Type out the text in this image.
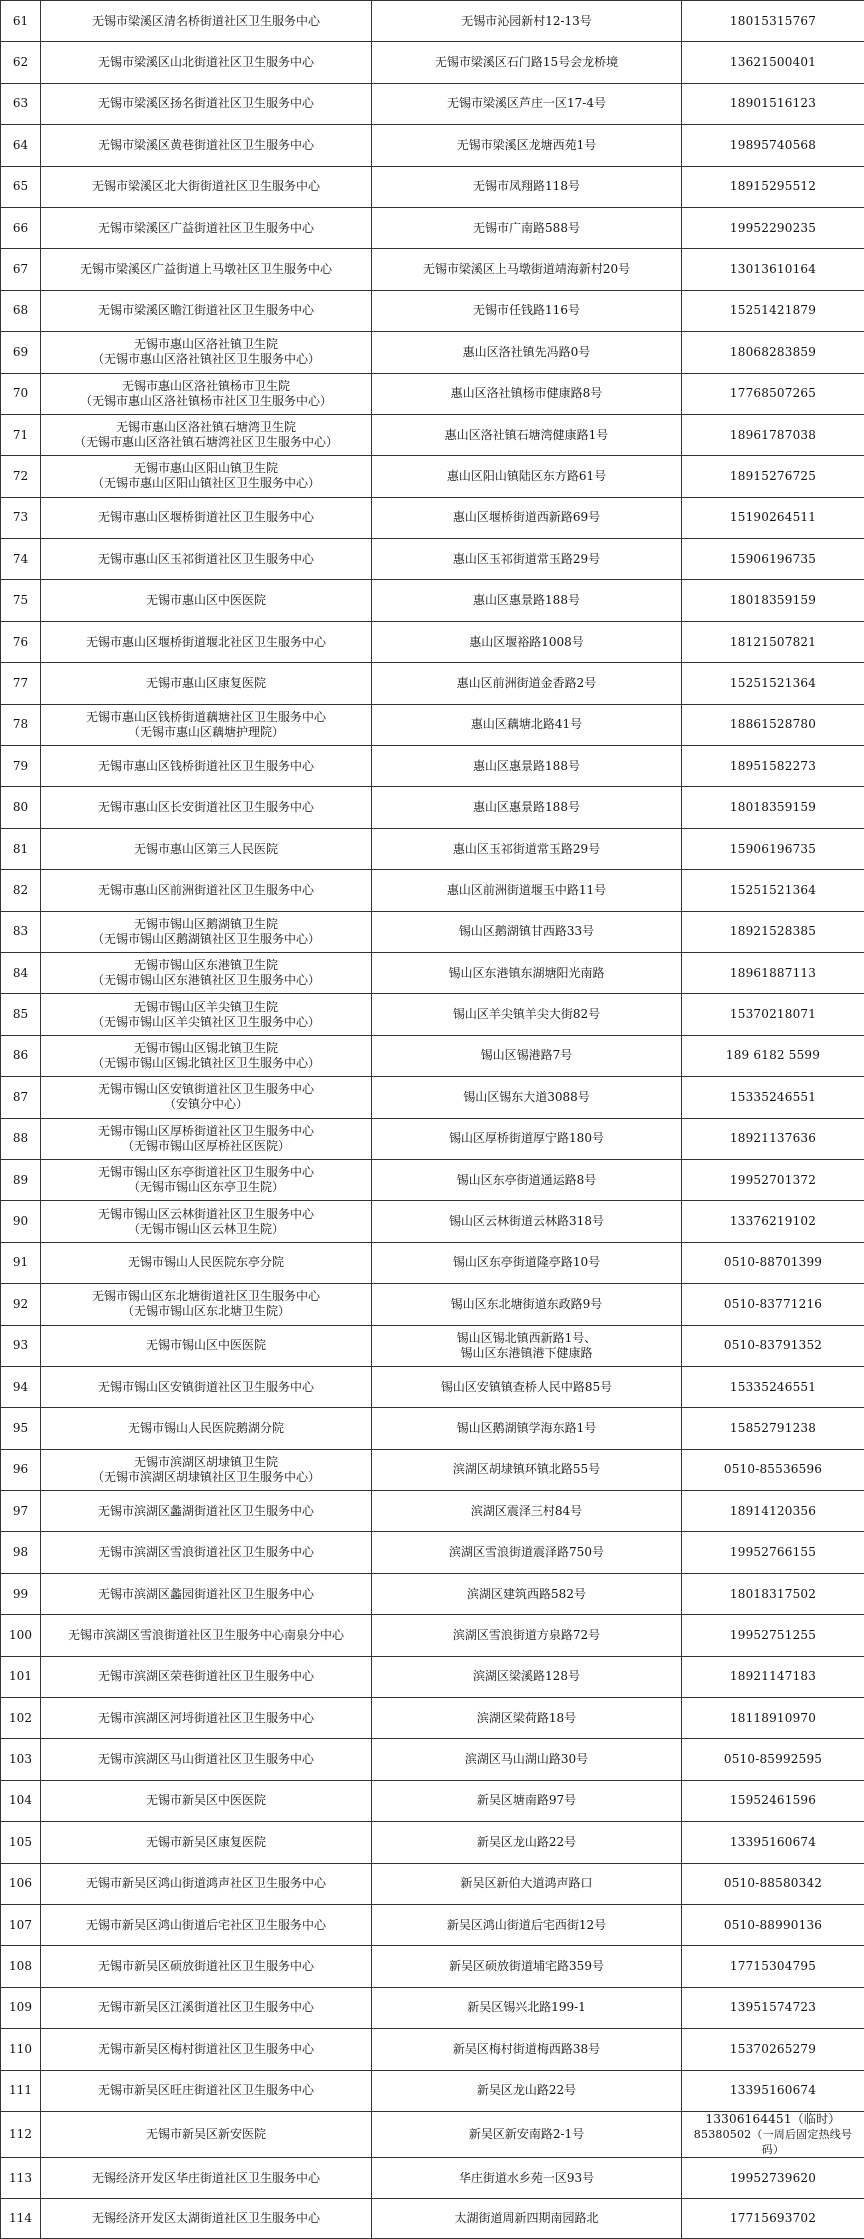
61	无锡市梁溪区清名桥街道社区卫生服务中心	无锡市沁园新村12-13号	18015315767

62	无锡市梁溪区山北街道社区卫生服务中心	无锡市梁溪区石门路15号会龙桥境	13621500401

63	无锡市梁溪区扬名街道社区卫生服务中心	无锡市梁溪区芦庄一区17-4号	18901516123

64	无锡市梁溪区黄巷街道社区卫生服务中心	无锡市梁溪区龙塘西苑1号	19895740568

65	无锡市梁溪区北大街街道社区卫生服务中心	无锡市凤翔路118号	18915295512

66	无锡市梁溪区广益街道社区卫生服务中心	无锡市广南路588号	19952290235

67	无锡市梁溪区广益街道上马墩社区卫生服务中心	无锡市梁溪区上马墩街道靖海新村20号	13013610164

68	无锡市梁溪区瞻江街道社区卫生服务中心	无锡市任钱路116号	15251421879

69	无锡市惠山区洛社镇卫生院
（无锡市惠山区洛社镇社区卫生服务中心）	惠山区洛社镇先冯路0号	18068283859

70	无锡市惠山区洛社镇杨市卫生院
（无锡市惠山区洛社镇杨市社区卫生服务中心）	惠山区洛社镇杨市健康路8号	17768507265

71	无锡市惠山区洛社镇石塘湾卫生院
（无锡市惠山区洛社镇石塘湾社区卫生服务中心）	惠山区洛社镇石塘湾健康路1号	18961787038

72	无锡市惠山区阳山镇卫生院
（无锡市惠山区阳山镇社区卫生服务中心）	惠山区阳山镇陆区东方路61号	18915276725

73	无锡市惠山区堰桥街道社区卫生服务中心	惠山区堰桥街道西新路69号	15190264511

74	无锡市惠山区玉祁街道社区卫生服务中心	惠山区玉祁街道常玉路29号	15906196735

75	无锡市惠山区中医医院	惠山区惠景路188号	18018359159

76	无锡市惠山区堰桥街道堰北社区卫生服务中心	惠山区堰裕路1008号	18121507821

77	无锡市惠山区康复医院	惠山区前洲街道金香路2号	15251521364

78	无锡市惠山区钱桥街道藕塘社区卫生服务中心
（无锡市惠山区藕塘护理院）	惠山区藕塘北路41号	18861528780

79	无锡市惠山区钱桥街道社区卫生服务中心	惠山区惠景路188号	18951582273

80	无锡市惠山区长安街道社区卫生服务中心	惠山区惠景路188号	18018359159

81	无锡市惠山区第三人民医院	惠山区玉祁街道常玉路29号	15906196735

82	无锡市惠山区前洲街道社区卫生服务中心	惠山区前洲街道堰玉中路11号	15251521364

83	无锡市锡山区鹅湖镇卫生院
（无锡市锡山区鹅湖镇社区卫生服务中心）	锡山区鹅湖镇甘西路33号	18921528385

84	无锡市锡山区东港镇卫生院
（无锡市锡山区东港镇社区卫生服务中心）	锡山区东港镇东湖塘阳光南路	18961887113

85	无锡市锡山区羊尖镇卫生院
（无锡市锡山区羊尖镇社区卫生服务中心）	锡山区羊尖镇羊尖大街82号	15370218071

86	无锡市锡山区锡北镇卫生院
（无锡市锡山区锡北镇社区卫生服务中心）	锡山区锡港路7号	189 6182 5599

87	无锡市锡山区安镇街道社区卫生服务中心
（安镇分中心）	锡山区锡东大道3088号	15335246551

88	无锡市锡山区厚桥街道社区卫生服务中心
（无锡市锡山区厚桥社区医院）	锡山区厚桥街道厚宁路180号	18921137636

89	无锡市锡山区东亭街道社区卫生服务中心
（无锡市锡山区东亭卫生院）	锡山区东亭街道通运路8号	19952701372

90	无锡市锡山区云林街道社区卫生服务中心
（无锡市锡山区云林卫生院）	锡山区云林街道云林路318号	13376219102

91	无锡市锡山人民医院东亭分院	锡山区东亭街道隆亭路10号	0510-88701399

92	无锡市锡山区东北塘街道社区卫生服务中心
（无锡市锡山区东北塘卫生院）	锡山区东北塘街道东政路9号	0510-83771216

93	无锡市锡山区中医医院	锡山区锡北镇西新路1号、
锡山区东港镇港下健康路	0510-83791352

94	无锡市锡山区安镇街道社区卫生服务中心	锡山区安镇镇查桥人民中路85号	15335246551

95	无锡市锡山人民医院鹅湖分院	锡山区鹅湖镇学海东路1号	15852791238

96	无锡市滨湖区胡埭镇卫生院
（无锡市滨湖区胡埭镇社区卫生服务中心）	滨湖区胡埭镇环镇北路55号	0510-85536596

97	无锡市滨湖区蠡湖街道社区卫生服务中心	滨湖区震泽三村84号	18914120356

98	无锡市滨湖区雪浪街道社区卫生服务中心	滨湖区雪浪街道震泽路750号	19952766155

99	无锡市滨湖区蠡园街道社区卫生服务中心	滨湖区建筑西路582号	18018317502

100	无锡市滨湖区雪浪街道社区卫生服务中心南泉分中心	滨湖区雪浪街道方泉路72号	19952751255

101	无锡市滨湖区荣巷街道社区卫生服务中心	滨湖区梁溪路128号	18921147183

102	无锡市滨湖区河埒街道社区卫生服务中心	滨湖区梁荷路18号	18118910970

103	无锡市滨湖区马山街道社区卫生服务中心	滨湖区马山湖山路30号	0510-85992595

104	无锡市新吴区中医医院	新吴区塘南路97号	15952461596

105	无锡市新吴区康复医院	新吴区龙山路22号	13395160674

106	无锡市新吴区鸿山街道鸿声社区卫生服务中心	新吴区新伯大道鸿声路口	0510-88580342

107	无锡市新吴区鸿山街道后宅社区卫生服务中心	新吴区鸿山街道后宅西街12号	0510-88990136

108	无锡市新吴区硕放街道社区卫生服务中心	新吴区硕放街道埔宅路359号	17715304795

109	无锡市新吴区江溪街道社区卫生服务中心	新吴区锡兴北路199-1	13951574723

110	无锡市新吴区梅村街道社区卫生服务中心	新吴区梅村街道梅西路38号	15370265279

111	无锡市新吴区旺庄街道社区卫生服务中心	新吴区龙山路22号	13395160674

112	无锡市新吴区新安医院	新吴区新安南路2-1号	13306164451（临时）
85380502（一周后固定热线号码）

113	无锡经济开发区华庄街道社区卫生服务中心	华庄街道水乡苑一区93号	19952739620

114	无锡经济开发区太湖街道社区卫生服务中心	太湖街道周新四期南园路北	17715693702
